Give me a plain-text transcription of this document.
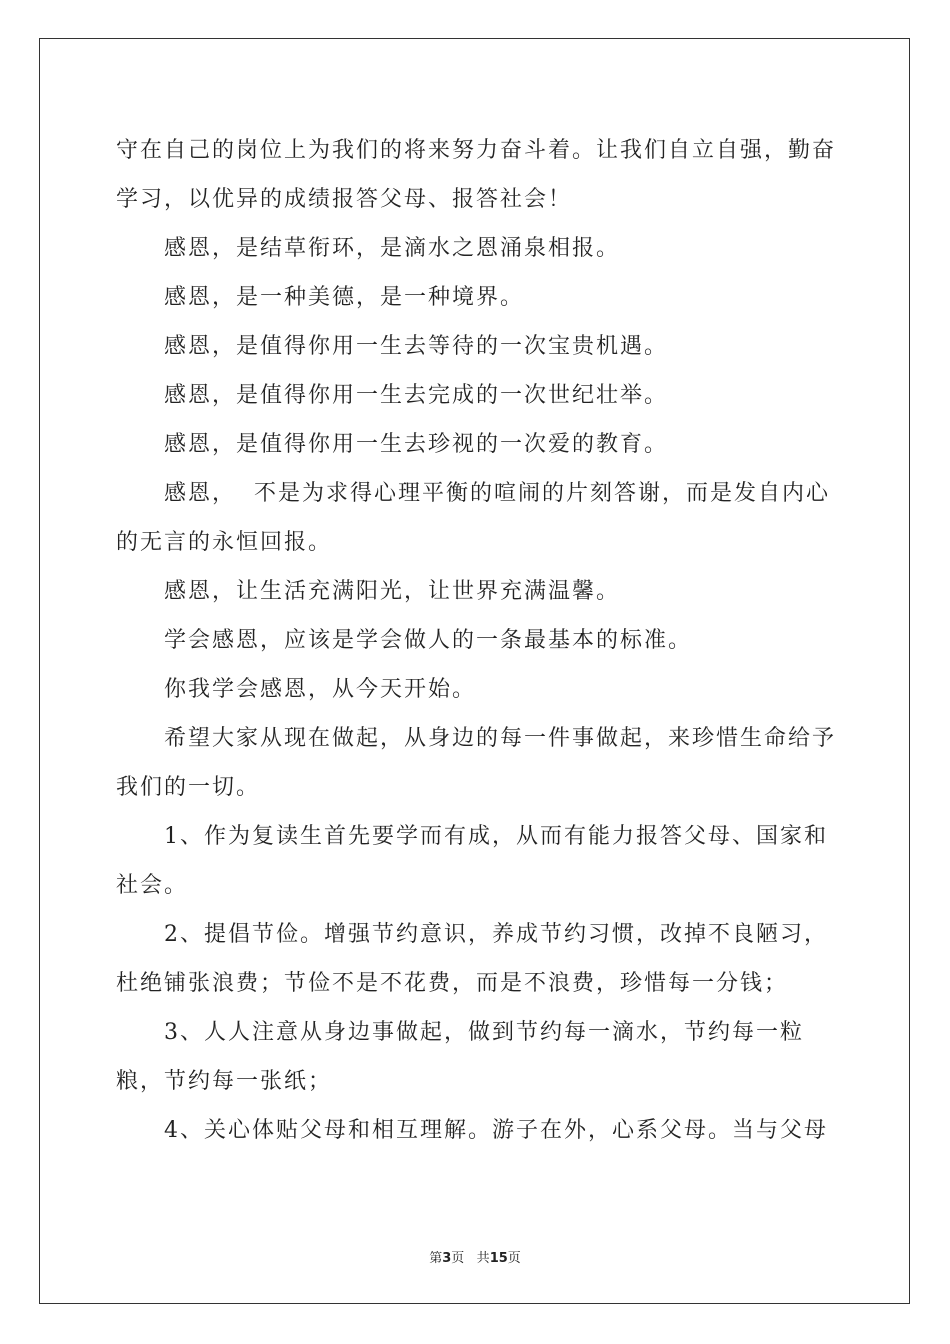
守在自己的岗位上为我们的将来努力奋斗着。让我们自立自强，勤奋学习，以优异的成绩报答父母、报答社会！

感恩，是结草衔环，是滴水之恩涌泉相报。

感恩，是一种美德，是一种境界。

感恩，是值得你用一生去等待的一次宝贵机遇。

感恩，是值得你用一生去完成的一次世纪壮举。

感恩，是值得你用一生去珍视的一次爱的教育。

感恩，  不是为求得心理平衡的喧闹的片刻答谢，而是发自内心的无言的永恒回报。

感恩，让生活充满阳光，让世界充满温馨。

学会感恩，应该是学会做人的一条最基本的标准。

你我学会感恩，从今天开始。

希望大家从现在做起，从身边的每一件事做起，来珍惜生命给予我们的一切。

1、作为复读生首先要学而有成，从而有能力报答父母、国家和社会。

2、提倡节俭。增强节约意识，养成节约习惯，改掉不良陋习，杜绝铺张浪费；节俭不是不花费，而是不浪费，珍惜每一分钱；

3、人人注意从身边事做起，做到节约每一滴水，节约每一粒粮，节约每一张纸；

4、关心体贴父母和相互理解。游子在外，心系父母。当与父母

第3页 共15页
